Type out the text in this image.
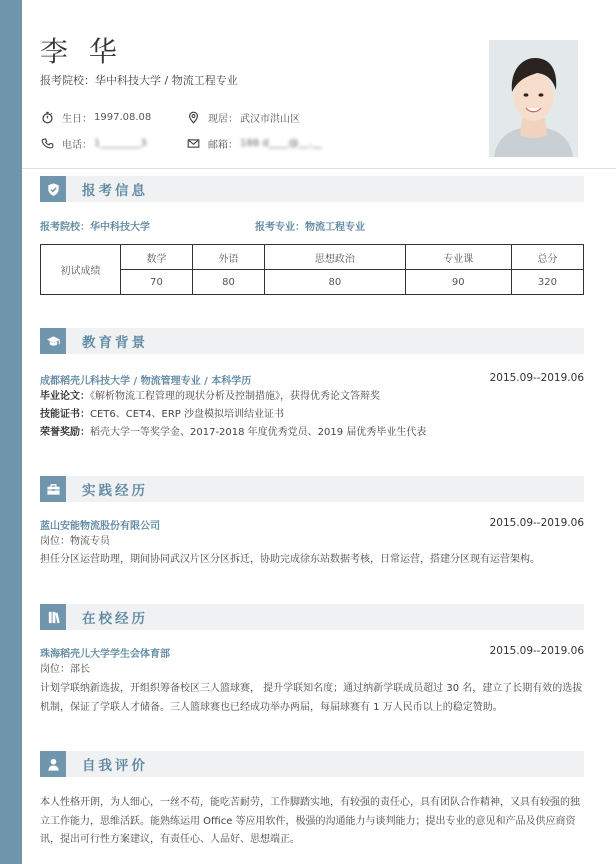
李 华
报考院校：华中科技大学 / 物流工程专业
生日： 1997.08.08	现居： 武汉市洪山区
电话： 1________3	邮箱： 188 d____@__.__
报考信息
报考院校：华中科技大学	报考专业：物流工程专业
初试成绩	数学	外语	思想政治	专业课	总分
	70	80	80	90	320
教育背景
成都稻壳儿科技大学 / 物流管理专业 / 本科学历	2015.09--2019.06
毕业论文：《解析物流工程管理的现状分析及控制措施》，获得优秀论文答辩奖
技能证书：CET6、CET4、ERP 沙盘模拟培训结业证书
荣誉奖励：稻壳大学一等奖学金、2017-2018 年度优秀党员、2019 届优秀毕业生代表
实践经历
蓝山安能物流股份有限公司	2015.09--2019.06
岗位：物流专员
担任分区运营助理，期间协同武汉片区分区拆迁，协助完成徐东站数据考核，日常运营，搭建分区现有运营架构。
在校经历
珠海稻壳儿大学学生会体育部	2015.09--2019.06
岗位：部长
计划学联纳新选拔，开组织筹备校区三人篮球赛， 提升学联知名度；通过纳新学联成员超过 30 名，建立了长期有效的选拔机制，保证了学联人才储备。三人篮球赛也已经成功举办两届，每届球赛有 1 万人民币以上的稳定赞助。
自我评价
本人性格开朗，为人细心，一丝不苟，能吃苦耐劳，工作脚踏实地，有较强的责任心，具有团队合作精神，又具有较强的独立工作能力，思维活跃。能熟练运用 Office 等应用软件，极强的沟通能力与谈判能力；提出专业的意见和产品及供应商资讯，提出可行性方案建议，有责任心、人品好、思想端正。
